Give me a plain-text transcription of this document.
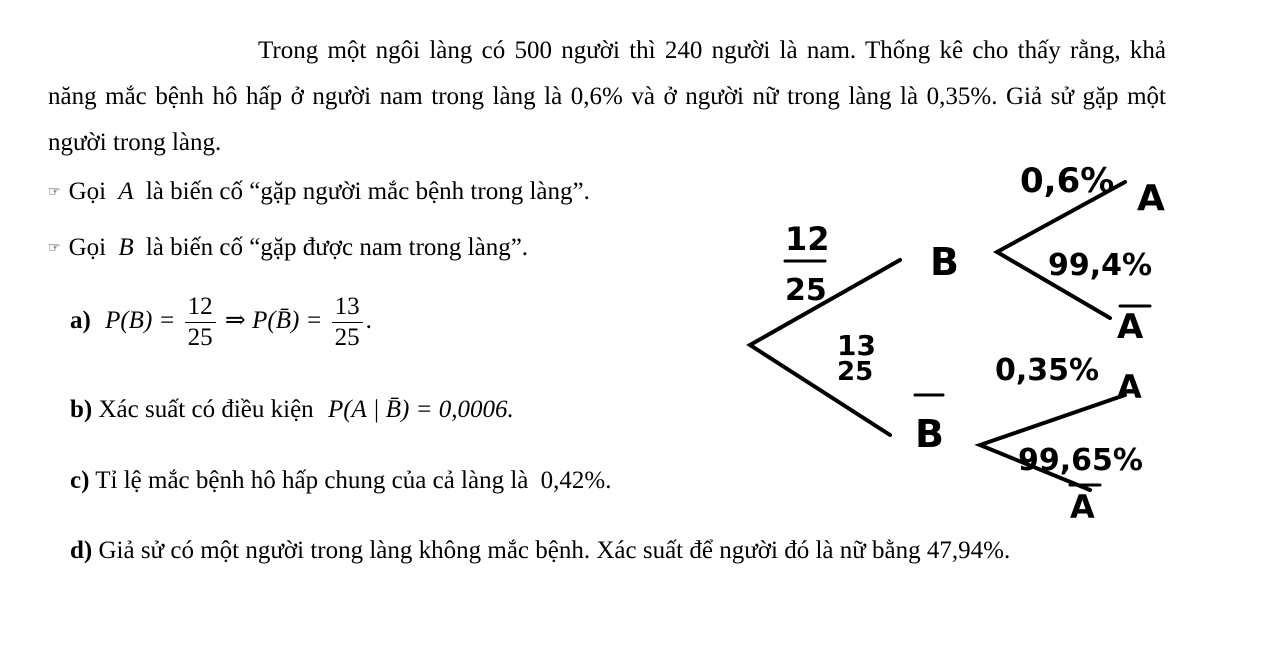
Trong một ngôi làng có 500 người thì 240 người là nam. Thống kê cho thấy rằng, khả năng mắc bệnh hô hấp ở người nam trong làng là 0,6% và ở người nữ trong làng là 0,35%. Giả sử gặp một người trong làng.
☞ Gọi A là biến cố “gặp người mắc bệnh trong làng”.
☞ Gọi B là biến cố “gặp được nam trong làng”.
a) $P(B) = \frac{12}{25}$ ⇒ P(B̄) = $\frac{13}{25}$ .
b) Xác suất có điều kiện P(A | B̄) = 0,0006.
c) Tỉ lệ mắc bệnh hô hấp chung của cả làng là 0,42%.
d) Giả sử có một người trong làng không mắc bệnh. Xác suất để người đó là nữ bằng 47,94%.
12
25
B
0,6% A
99,4%
A
13
25	0,35% A
B
99,65%
A
